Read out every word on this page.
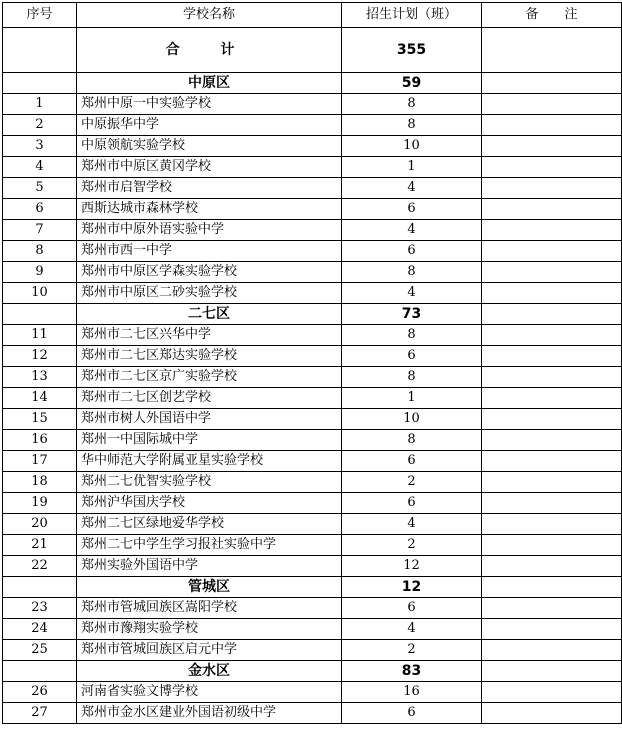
序号	学校名称	招生计划（班）	备　　注
	合 计	355	
	中原区	59	
1	郑州中原一中实验学校	8	
2	中原振华中学	8	
3	中原领航实验学校	10	
4	郑州市中原区黄冈学校	1	
5	郑州市启智学校	4	
6	西斯达城市森林学校	6	
7	郑州市中原外语实验中学	4	
8	郑州市西一中学	6	
9	郑州市中原区学森实验学校	8	
10	郑州市中原区二砂实验学校	4	
	二七区	73	
11	郑州市二七区兴华中学	8	
12	郑州市二七区郑达实验学校	6	
13	郑州市二七区京广实验学校	8	
14	郑州市二七区创艺学校	1	
15	郑州市树人外国语中学	10	
16	郑州一中国际城中学	8	
17	华中师范大学附属亚星实验学校	6	
18	郑州二七优智实验学校	2	
19	郑州沪华国庆学校	6	
20	郑州二七区绿地爱华学校	4	
21	郑州二七中学生学习报社实验中学	2	
22	郑州实验外国语中学	12	
	管城区	12	
23	郑州市管城回族区嵩阳学校	6	
24	郑州市豫翔实验学校	4	
25	郑州市管城回族区启元中学	2	
	金水区	83	
26	河南省实验文博学校	16	
27	郑州市金水区建业外国语初级中学	6	
